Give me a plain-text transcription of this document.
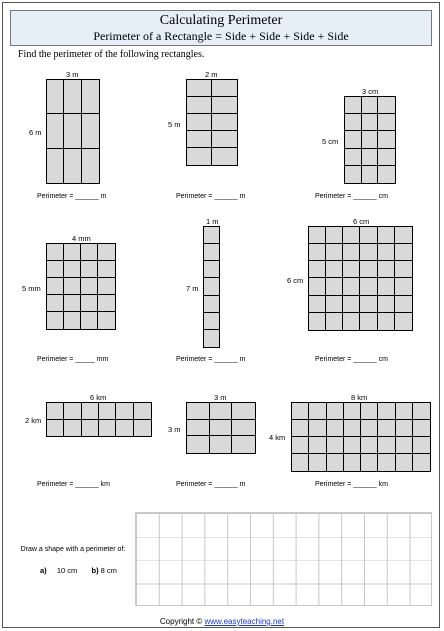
Calculating Perimeter
Perimeter of a Rectangle = Side + Side + Side + Side
Find the perimeter of the following rectangles.
3 m
6 m
Perimeter = ______ m
2 m
5 m
Perimeter = ______ m
3 cm
5 cm
Perimeter = ______ cm
4 mm
5 mm
Perimeter = _____ mm
1 m
7 m
Perimeter = ______ m
6 cm
6 cm
Perimeter = ______ cm
6 km
2 km
Perimeter = ______ km
3 m
3 m
Perimeter = ______ m
8 km
4 km
Perimeter = ______ km
Draw a shape with a perimeter of:
a) 10 cm b) 8 cm
Copyright © www.easyteaching.net
